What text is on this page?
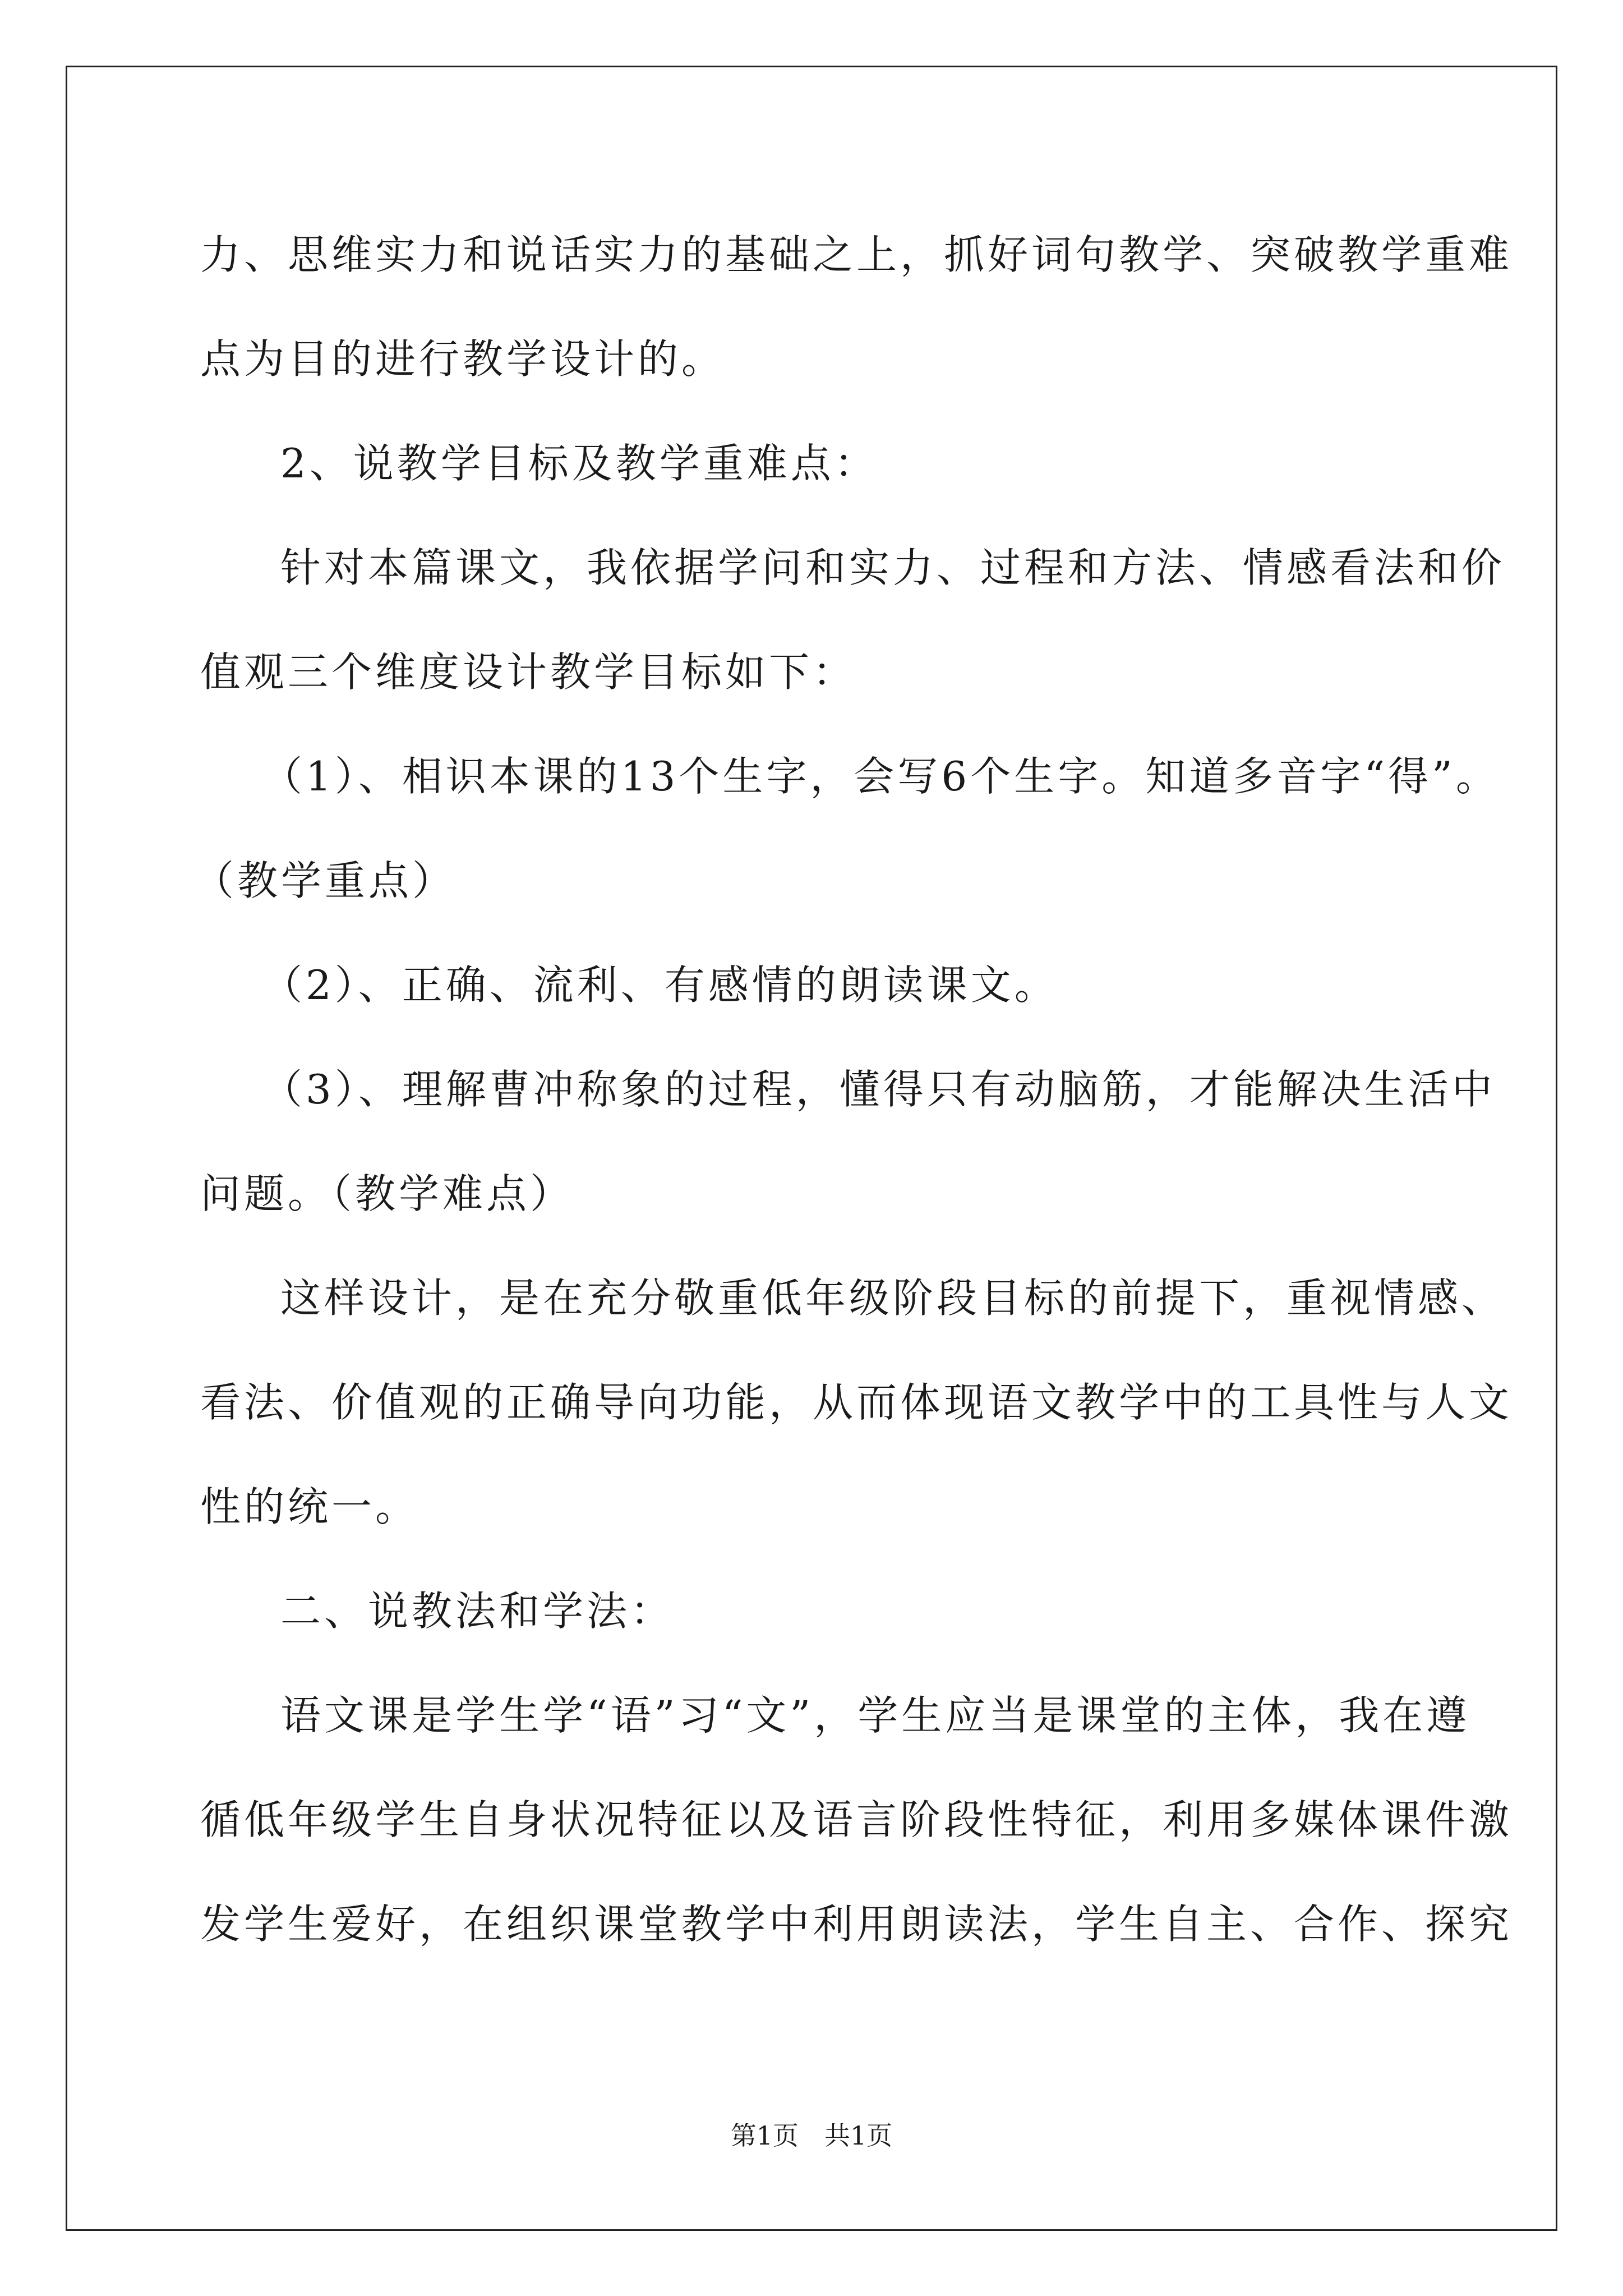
力、思维实力和说话实力的基础之上，抓好词句教学、突破教学重难
点为目的进行教学设计的。
2、说教学目标及教学重难点：
针对本篇课文，我依据学问和实力、过程和方法、情感看法和价
值观三个维度设计教学目标如下：
（1）、相识本课的13个生字，会写6个生字。知道多音字“得”。
（教学重点）
（2）、正确、流利、有感情的朗读课文。
（3）、理解曹冲称象的过程，懂得只有动脑筋，才能解决生活中
问题。（教学难点）
这样设计，是在充分敬重低年级阶段目标的前提下，重视情感、
看法、价值观的正确导向功能，从而体现语文教学中的工具性与人文
性的统一。
二、说教法和学法：
语文课是学生学“语”习“文”，学生应当是课堂的主体，我在遵
循低年级学生自身状况特征以及语言阶段性特征，利用多媒体课件激
发学生爱好，在组织课堂教学中利用朗读法，学生自主、合作、探究
第1页　共1页
